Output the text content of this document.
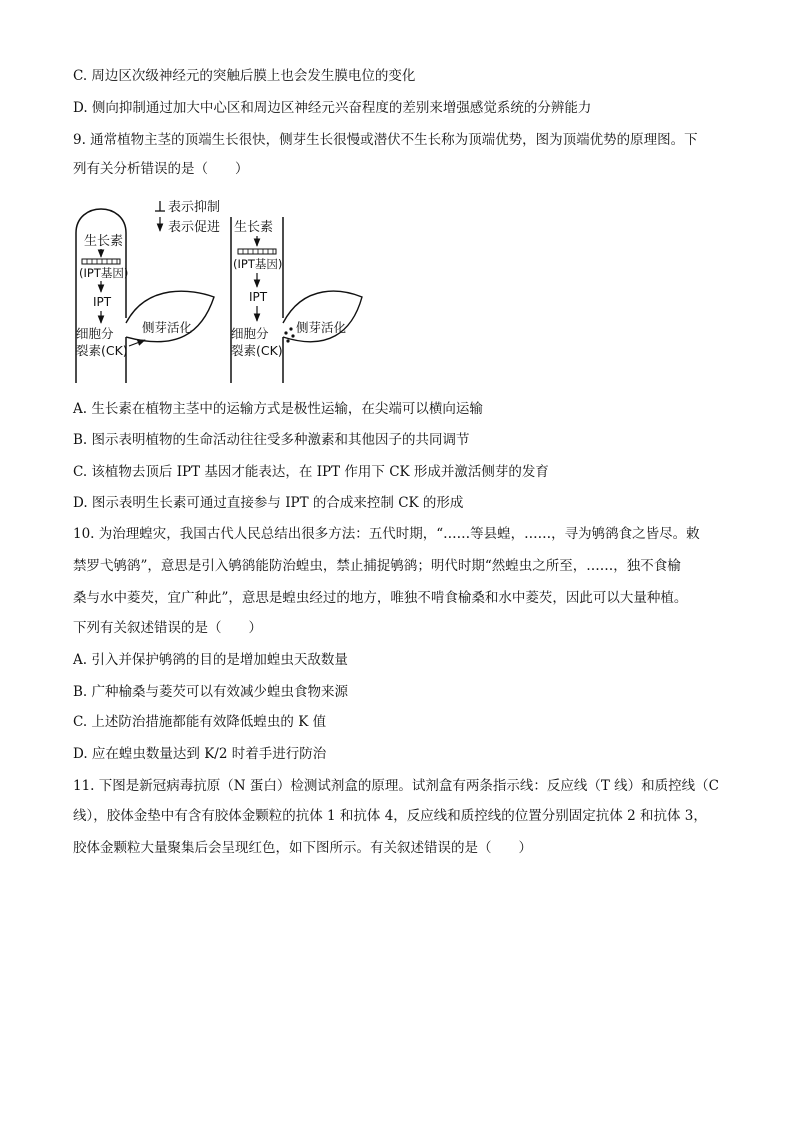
C. 周边区次级神经元的突触后膜上也会发生膜电位的变化
D. 侧向抑制通过加大中心区和周边区神经元兴奋程度的差别来增强感觉系统的分辨能力
9. 通常植物主茎的顶端生长很快，侧芽生长很慢或潜伏不生长称为顶端优势，图为顶端优势的原理图。下
列有关分析错误的是（　　）
生长素
(IPT基因)
IPT
细胞分
裂素(CK)
侧芽活化
表示抑制
表示促进 生长素
(IPT基因)
IPT
细胞分
裂素(CK)
侧芽活化
A. 生长素在植物主茎中的运输方式是极性运输，在尖端可以横向运输
B. 图示表明植物的生命活动往往受多种激素和其他因子的共同调节
C. 该植物去顶后 IPT 基因才能表达，在 IPT 作用下 CK 形成并激活侧芽的发育
D. 图示表明生长素可通过直接参与 IPT 的合成来控制 CK 的形成
10. 为治理蝗灾，我国古代人民总结出很多方法：五代时期，“……等县蝗，……，寻为鸲鹆食之皆尽。敕
禁罗弋鸲鹆”，意思是引入鸲鹆能防治蝗虫，禁止捕捉鸲鹆；明代时期“然蝗虫之所至，……，独不食榆
桑与水中菱芡，宜广种此”，意思是蝗虫经过的地方，唯独不啃食榆桑和水中菱芡，因此可以大量种植。
下列有关叙述错误的是（　　）
A. 引入并保护鸲鹆的目的是增加蝗虫天敌数量
B. 广种榆桑与菱芡可以有效减少蝗虫食物来源
C. 上述防治措施都能有效降低蝗虫的 K 值
D. 应在蝗虫数量达到 K/2 时着手进行防治
11. 下图是新冠病毒抗原（N 蛋白）检测试剂盒的原理。试剂盒有两条指示线：反应线（T 线）和质控线（C
线），胶体金垫中有含有胶体金颗粒的抗体 1 和抗体 4，反应线和质控线的位置分别固定抗体 2 和抗体 3，
胶体金颗粒大量聚集后会呈现红色，如下图所示。有关叙述错误的是（　　）
